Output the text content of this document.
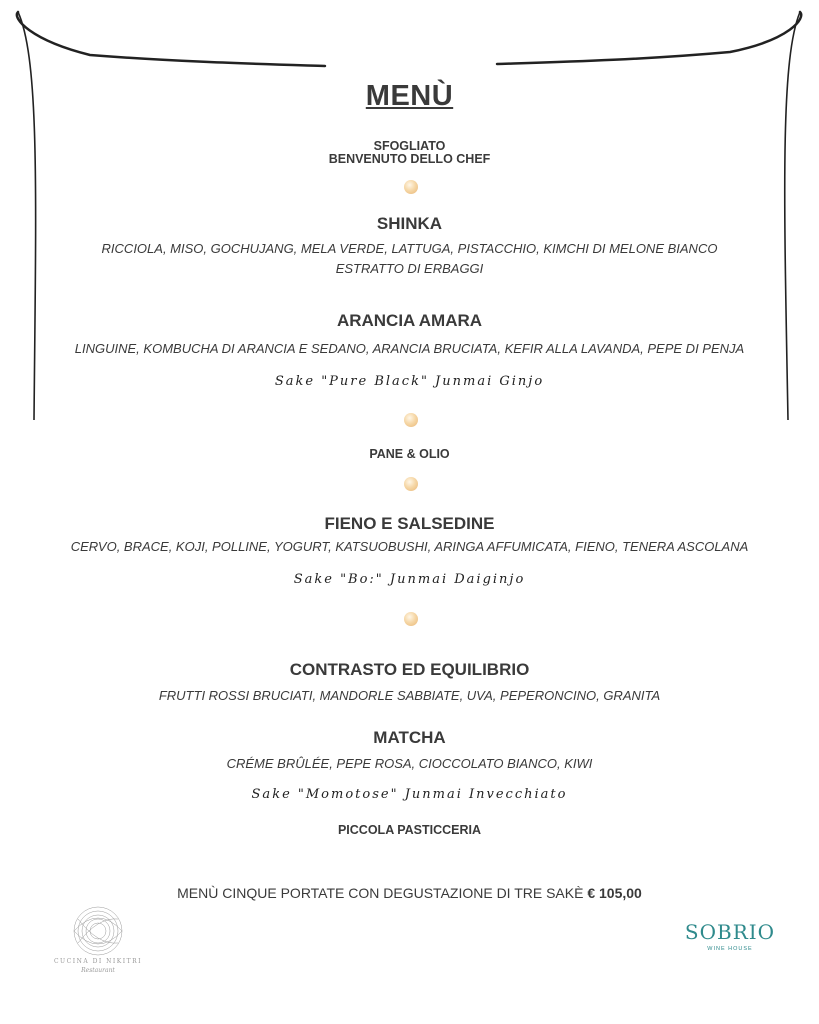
MENÙ
SFOGLIATO
BENVENUTO DELLO CHEF
SHINKA
RICCIOLA, MISO, GOCHUJANG, MELA VERDE, LATTUGA, PISTACCHIO, KIMCHI DI MELONE BIANCO
ESTRATTO DI ERBAGGI
ARANCIA AMARA
LINGUINE, KOMBUCHA DI ARANCIA E SEDANO, ARANCIA BRUCIATA, KEFIR ALLA LAVANDA, PEPE DI PENJA
Sake "Pure Black" Junmai Ginjo
PANE & OLIO
FIENO E SALSEDINE
CERVO, BRACE, KOJI, POLLINE, YOGURT, KATSUOBUSHI, ARINGA AFFUMICATA, FIENO, TENERA ASCOLANA
Sake "Bo:" Junmai Daiginjo
CONTRASTO ED EQUILIBRIO
FRUTTI ROSSI BRUCIATI, MANDORLE SABBIATE, UVA, PEPERONCINO, GRANITA
MATCHA
CRÉME BRÛLÉE, PEPE ROSA, CIOCCOLATO BIANCO, KIWI
Sake "Momotose" Junmai Invecchiato
PICCOLA PASTICCERIA
MENÙ CINQUE PORTATE CON DEGUSTAZIONE DI TRE SAKÈ € 105,00
CUCINA DI NIKITRI
Restaurant
SOBRIO
WINE HOUSE
